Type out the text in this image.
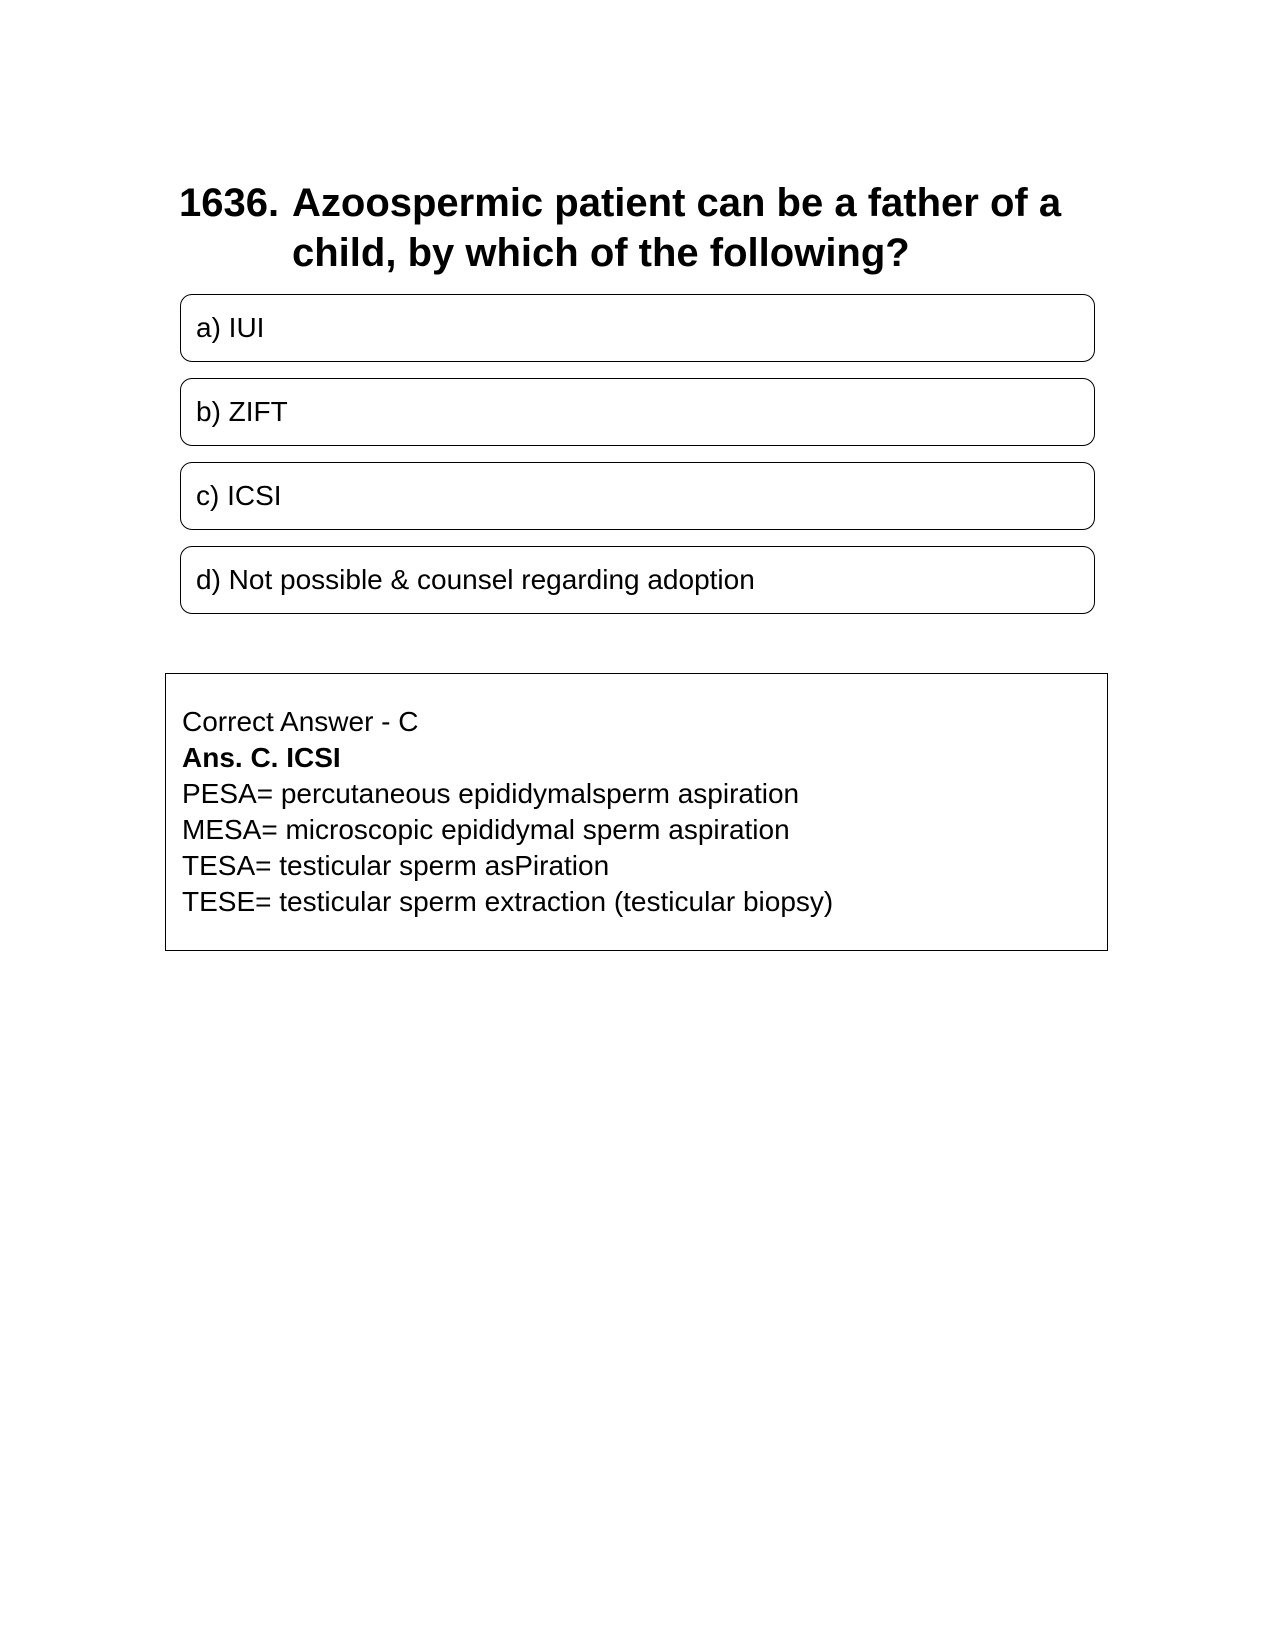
1636. Azoospermic patient can be a father of a child, by which of the following?
a) IUI
b) ZIFT
c) ICSI
d) Not possible & counsel regarding adoption
Correct Answer - C
Ans. C. ICSI
PESA= percutaneous epididymalsperm aspiration
MESA= microscopic epididymal sperm aspiration
TESA= testicular sperm asPiration
TESE= testicular sperm extraction (testicular biopsy)
